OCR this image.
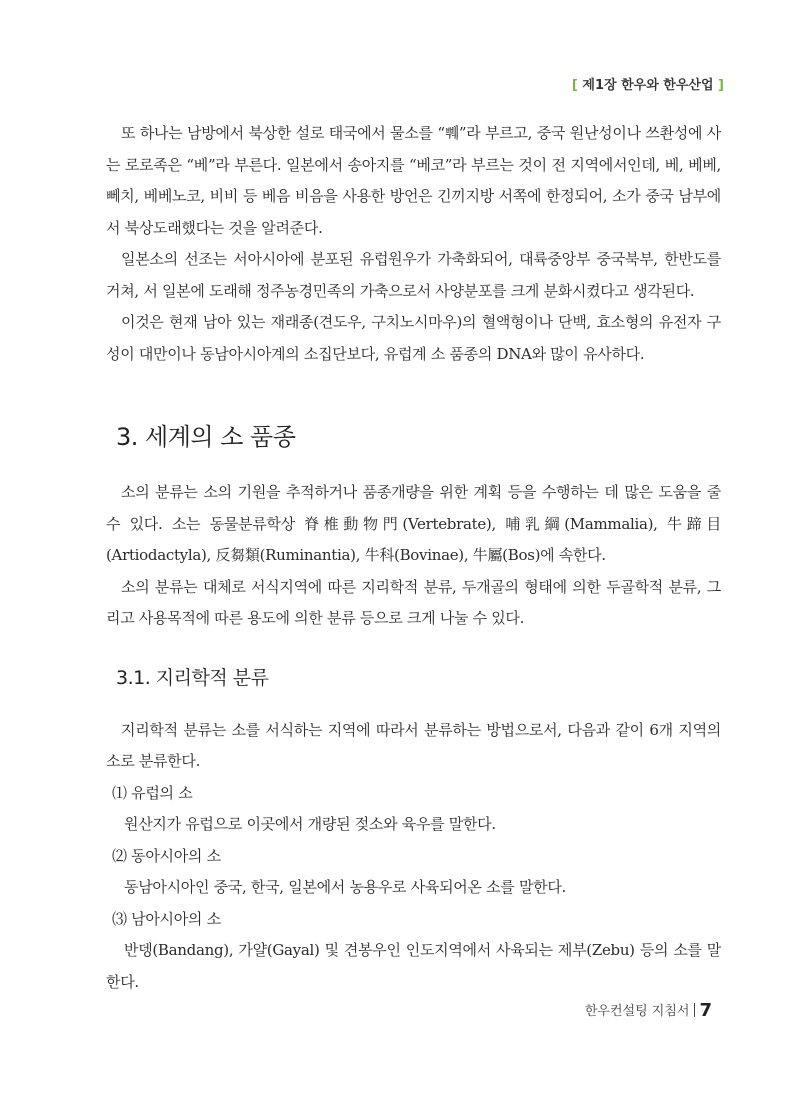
[ 제1장 한우와 한우산업 ]

또 하나는 남방에서 북상한 설로 태국에서 물소를 “쀄”라 부르고, 중국 원난성이나 쓰촨성에 사는 로로족은 “베”라 부른다. 일본에서 송아지를 “베코”라 부르는 것이 전 지역에서인데, 베, 베베, 뻬치, 베베노코, 비비 등 베음 비음을 사용한 방언은 긴끼지방 서쪽에 한정되어, 소가 중국 남부에서 북상도래했다는 것을 알려준다.

일본소의 선조는 서아시아에 분포된 유럽원우가 가축화되어, 대륙중앙부 중국북부, 한반도를 거쳐, 서 일본에 도래해 정주농경민족의 가축으로서 사양분포를 크게 분화시켰다고 생각된다.

이것은 현재 남아 있는 재래종(견도우, 구치노시마우)의 혈액형이나 단백, 효소형의 유전자 구성이 대만이나 동남아시아계의 소집단보다, 유럽계 소 품종의 DNA와 많이 유사하다.

3. 세계의 소 품종

소의 분류는 소의 기원을 추적하거나 품종개량을 위한 계획 등을 수행하는 데 많은 도움을 줄 수 있다. 소는 동물분류학상 脊椎動物門(Vertebrate), 哺乳綱(Mammalia), 牛蹄目(Artiodactyla), 反芻類(Ruminantia), 牛科(Bovinae), 牛屬(Bos)에 속한다.

소의 분류는 대체로 서식지역에 따른 지리학적 분류, 두개골의 형태에 의한 두골학적 분류, 그리고 사용목적에 따른 용도에 의한 분류 등으로 크게 나눌 수 있다.

3.1. 지리학적 분류

지리학적 분류는 소를 서식하는 지역에 따라서 분류하는 방법으로서, 다음과 같이 6개 지역의 소로 분류한다.

⑴ 유럽의 소

원산지가 유럽으로 이곳에서 개량된 젖소와 육우를 말한다.

⑵ 동아시아의 소

동남아시아인 중국, 한국, 일본에서 농용우로 사육되어온 소를 말한다.

⑶ 남아시아의 소

반뎅(Bandang), 가얄(Gayal) 및 견봉우인 인도지역에서 사육되는 제부(Zebu) 등의 소를 말한다.

한우컨설팅 지침서 7
